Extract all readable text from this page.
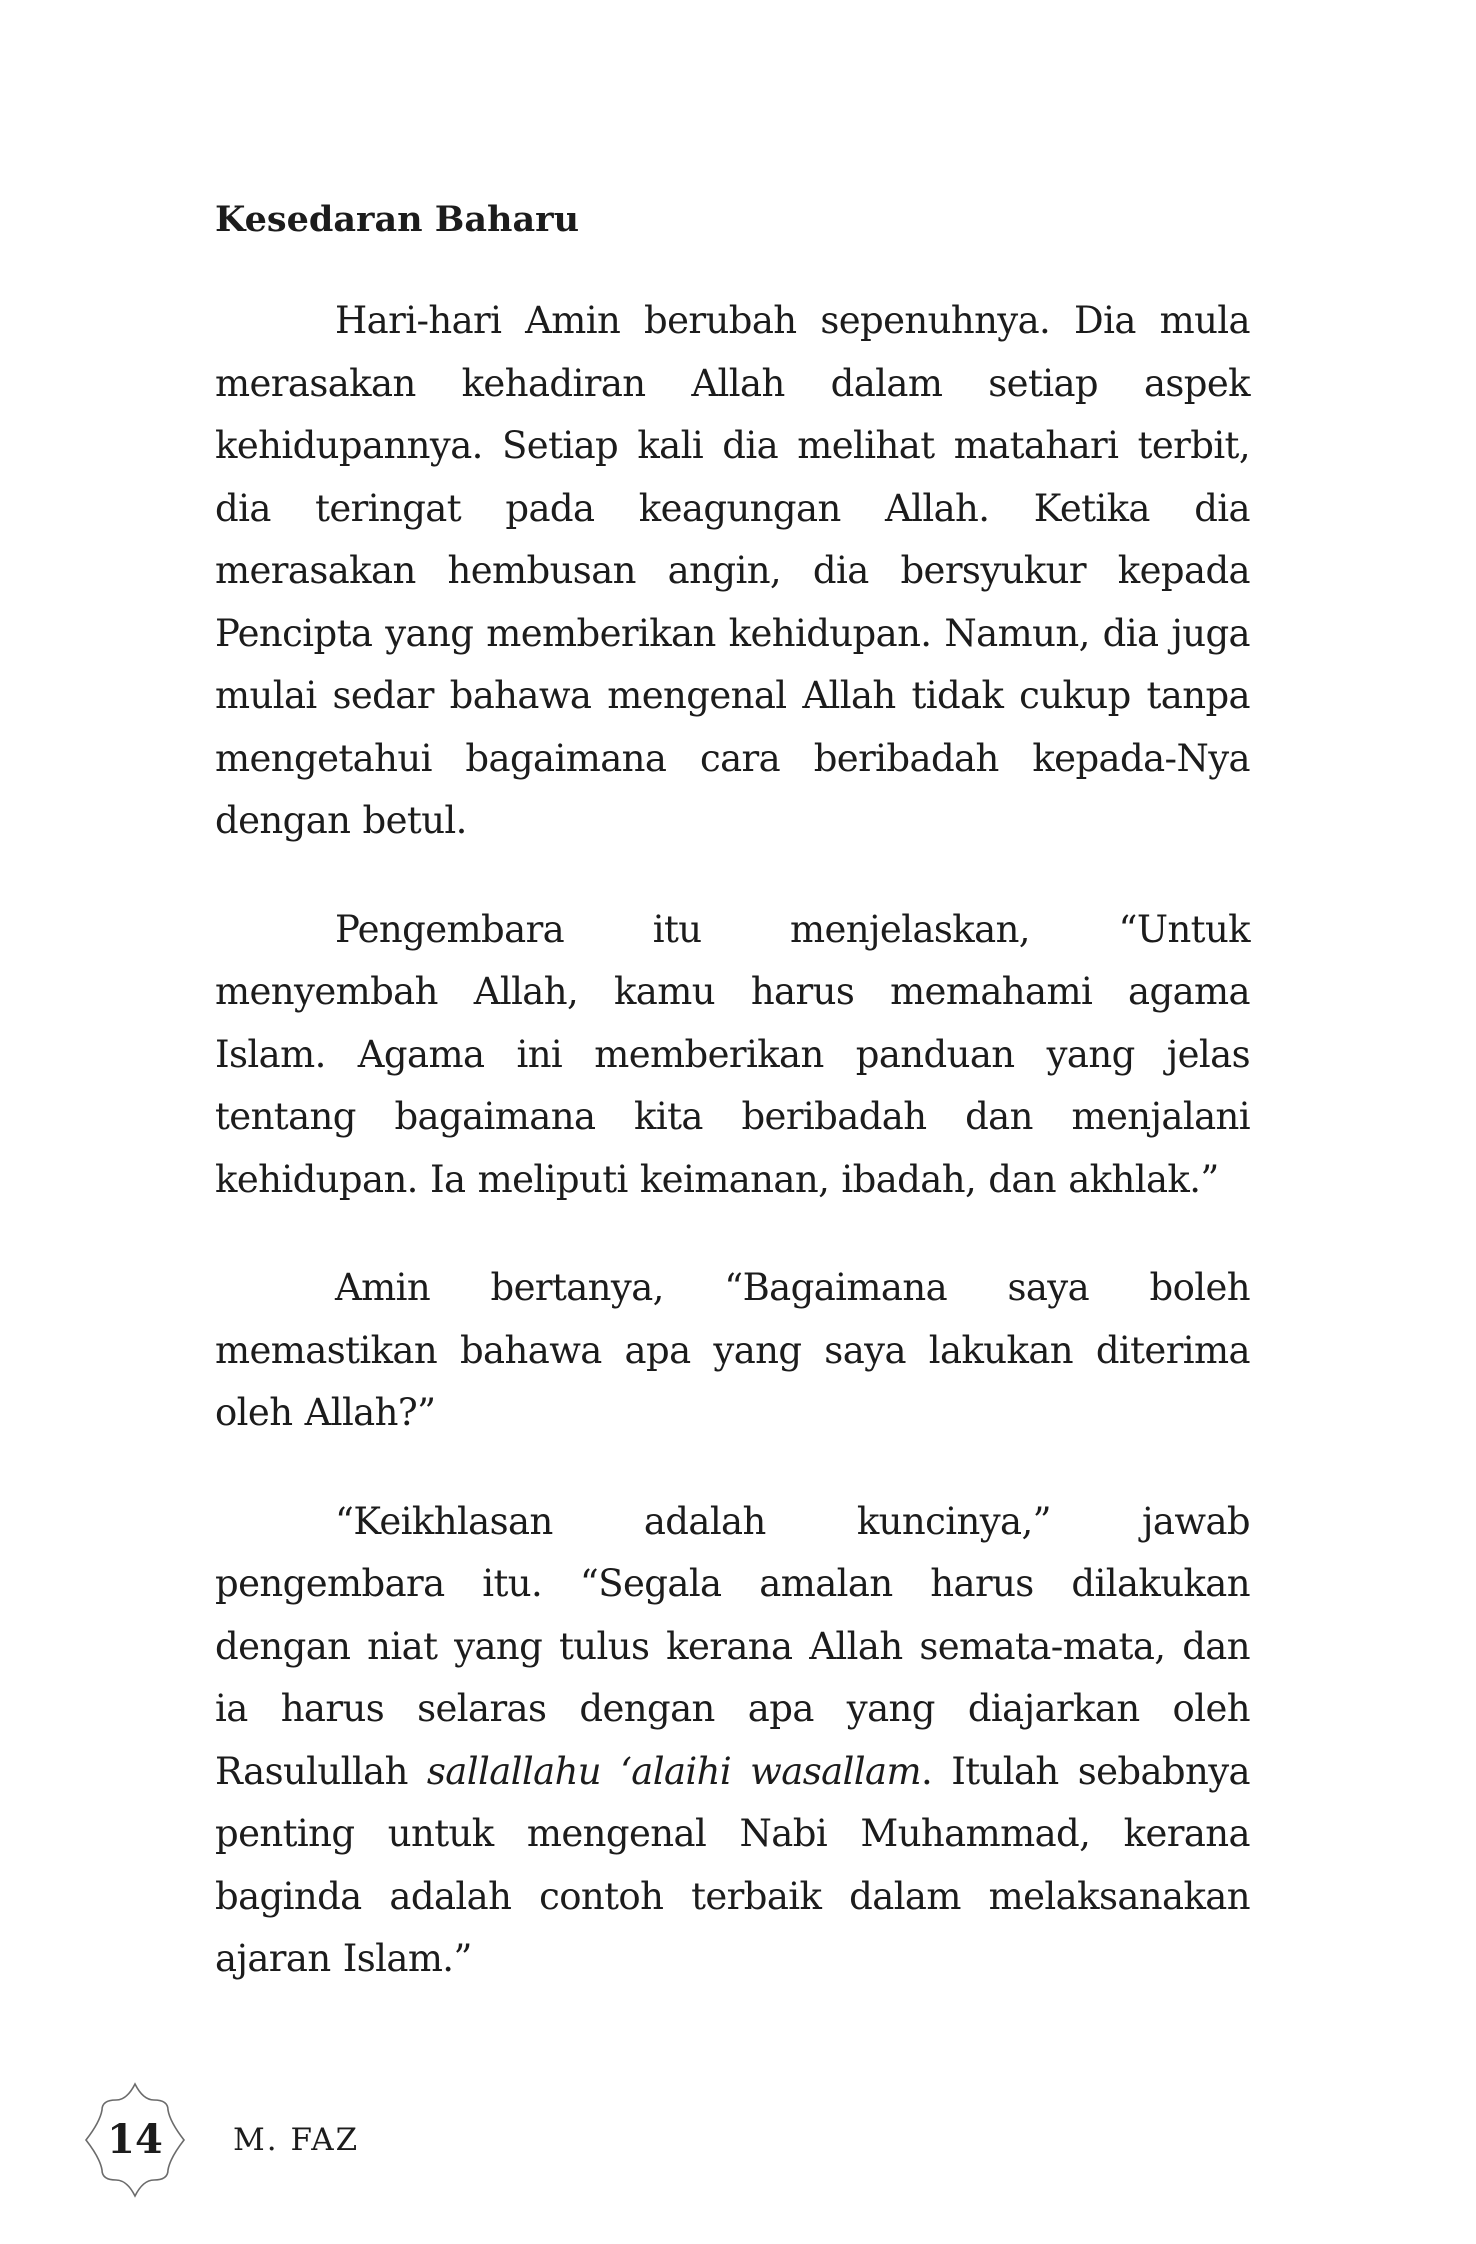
Kesedaran Baharu

Hari-hari Amin berubah sepenuhnya. Dia mula merasakan kehadiran Allah dalam setiap aspek kehidupannya. Setiap kali dia melihat matahari terbit, dia teringat pada keagungan Allah. Ketika dia merasakan hembusan angin, dia bersyukur kepada Pencipta yang memberikan kehidupan. Namun, dia juga mulai sedar bahawa mengenal Allah tidak cukup tanpa mengetahui bagaimana cara beribadah kepada-Nya dengan betul.

Pengembara itu menjelaskan, “Untuk menyembah Allah, kamu harus memahami agama Islam. Agama ini memberikan panduan yang jelas tentang bagaimana kita beribadah dan menjalani kehidupan. Ia meliputi keimanan, ibadah, dan akhlak.”

Amin bertanya, “Bagaimana saya boleh memastikan bahawa apa yang saya lakukan diterima oleh Allah?”

“Keikhlasan adalah kuncinya,” jawab pengembara itu. “Segala amalan harus dilakukan dengan niat yang tulus kerana Allah semata-mata, dan ia harus selaras dengan apa yang diajarkan oleh Rasulullah sallallahu ‘alaihi wasallam. Itulah sebabnya penting untuk mengenal Nabi Muhammad, kerana baginda adalah contoh terbaik dalam melaksanakan ajaran Islam.”

14	M. FAZ
